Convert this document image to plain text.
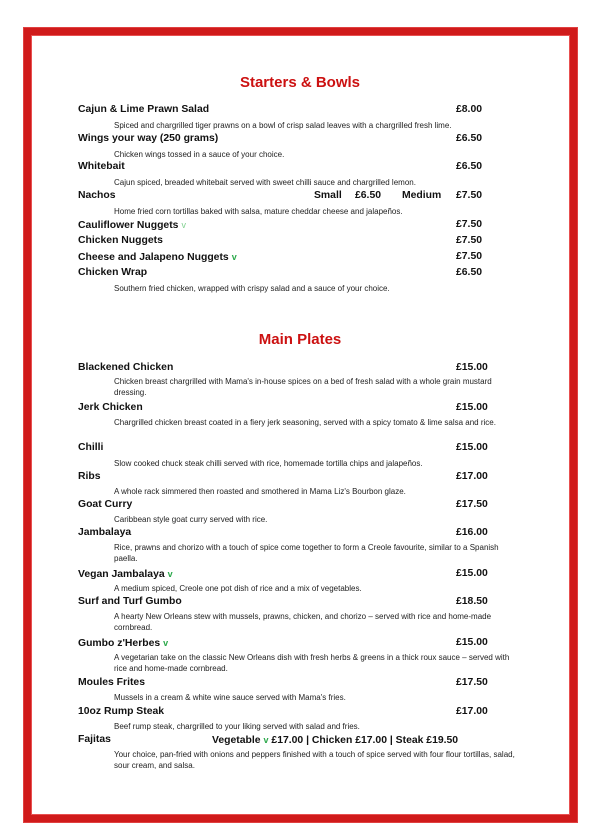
Starters & Bowls
Cajun & Lime Prawn Salad	£8.00
Spiced and chargrilled tiger prawns on a bowl of crisp salad leaves with a chargrilled fresh lime.
Wings your way (250 grams)	£6.50
Chicken wings tossed in a sauce of your choice.
Whitebait	£6.50
Cajun spiced, breaded whitebait served with sweet chilli sauce and chargrilled lemon.
Nachos	Small £6.50 Medium £7.50
Home fried corn tortillas baked with salsa, mature cheddar cheese and jalapeños.
Cauliflower Nuggets v	£7.50
Chicken Nuggets	£7.50
Cheese and Jalapeno Nuggets v	£7.50
Chicken Wrap	£6.50
Southern fried chicken, wrapped with crispy salad and a sauce of your choice.
Main Plates
Blackened Chicken	£15.00
Chicken breast chargrilled with Mama's in-house spices on a bed of fresh salad with a whole grain mustard dressing.
Jerk Chicken	£15.00
Chargrilled chicken breast coated in a fiery jerk seasoning, served with a spicy tomato & lime salsa and rice.
Chilli	£15.00
Slow cooked chuck steak chilli served with rice, homemade tortilla chips and jalapeños.
Ribs	£17.00
A whole rack simmered then roasted and smothered in Mama Liz's Bourbon glaze.
Goat Curry	£17.50
Caribbean style goat curry served with rice.
Jambalaya	£16.00
Rice, prawns and chorizo with a touch of spice come together to form a Creole favourite, similar to a Spanish paella.
Vegan Jambalaya v	£15.00
A medium spiced, Creole one pot dish of rice and a mix of vegetables.
Surf and Turf Gumbo	£18.50
A hearty New Orleans stew with mussels, prawns, chicken, and chorizo – served with rice and home-made cornbread.
Gumbo z'Herbes v	£15.00
A vegetarian take on the classic New Orleans dish with fresh herbs & greens in a thick roux sauce – served with rice and home-made cornbread.
Moules Frites	£17.50
Mussels in a cream & white wine sauce served with Mama's fries.
10oz Rump Steak	£17.00
Beef rump steak, chargrilled to your liking served with salad and fries.
Fajitas	Vegetable v £17.00 | Chicken £17.00 | Steak £19.50
Your choice, pan-fried with onions and peppers finished with a touch of spice served with four flour tortillas, salad, sour cream, and salsa.
